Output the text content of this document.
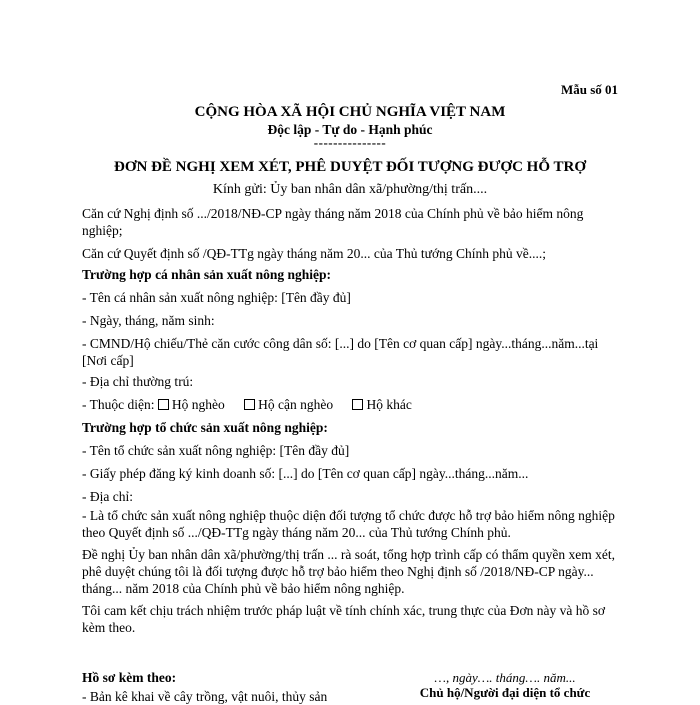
Mẫu số 01
CỘNG HÒA XÃ HỘI CHỦ NGHĨA VIỆT NAM
Độc lập - Tự do - Hạnh phúc
---------------
ĐƠN ĐỀ NGHỊ XEM XÉT, PHÊ DUYỆT ĐỐI TƯỢNG ĐƯỢC HỖ TRỢ
Kính gửi: Ủy ban nhân dân xã/phường/thị trấn....
Căn cứ Nghị định số .../2018/NĐ-CP ngày tháng năm 2018 của Chính phủ về bảo hiểm nông nghiệp;
Căn cứ Quyết định số /QĐ-TTg ngày tháng năm 20... của Thủ tướng Chính phủ về....;
Trường hợp cá nhân sản xuất nông nghiệp:
- Tên cá nhân sản xuất nông nghiệp: [Tên đầy đủ]
- Ngày, tháng, năm sinh:
- CMND/Hộ chiếu/Thẻ căn cước công dân số: [...] do [Tên cơ quan cấp] ngày...tháng...năm...tại [Nơi cấp]
- Địa chỉ thường trú:
- Thuộc diện: Hộ nghèo Hộ cận nghèo Hộ khác
Trường hợp tổ chức sản xuất nông nghiệp:
- Tên tổ chức sản xuất nông nghiệp: [Tên đầy đủ]
- Giấy phép đăng ký kinh doanh số: [...] do [Tên cơ quan cấp] ngày...tháng...năm...
- Địa chỉ:
- Là tổ chức sản xuất nông nghiệp thuộc diện đối tượng tổ chức được hỗ trợ bảo hiểm nông nghiệp theo Quyết định số .../QĐ-TTg ngày tháng năm 20... của Thủ tướng Chính phủ.
Đề nghị Ủy ban nhân dân xã/phường/thị trấn ... rà soát, tổng hợp trình cấp có thẩm quyền xem xét, phê duyệt chúng tôi là đối tượng được hỗ trợ bảo hiểm theo Nghị định số /2018/NĐ-CP ngày... tháng... năm 2018 của Chính phủ về bảo hiểm nông nghiệp.
Tôi cam kết chịu trách nhiệm trước pháp luật về tính chính xác, trung thực của Đơn này và hồ sơ kèm theo.
Hồ sơ kèm theo:
- Bản kê khai về cây trồng, vật nuôi, thủy sản
…, ngày…. tháng…. năm...
Chủ hộ/Người đại diện tổ chức
